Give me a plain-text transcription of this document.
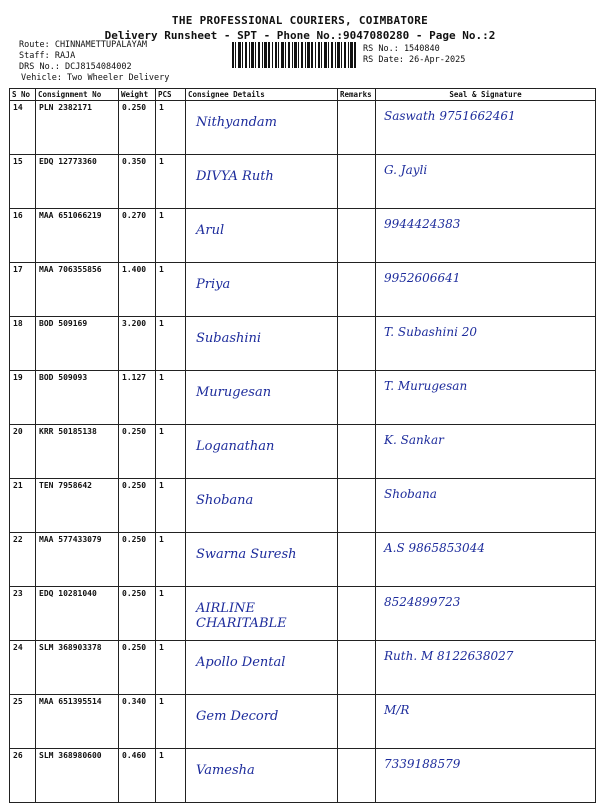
THE PROFESSIONAL COURIERS, COIMBATORE
Delivery Runsheet - SPT - Phone No.:9047080280 - Page No.:2
Route: CHINNAMETTUPALAYAM
Staff: RAJA
DRS No.: DCJ8154084002
Vehicle: Two Wheeler Delivery
RS No.: 1540840
RS Date: 26-Apr-2025
S No	Consignment No	Weight	PCS	Consignee Details	Remarks	Seal & Signature
14	PLN 2382171	0.250	1	Nithyandam		Saswath 9751662461
15	EDQ 12773360	0.350	1	DIVYA Ruth		G. Jayli
16	MAA 651066219	0.270	1	Arul		9944424383
17	MAA 706355856	1.400	1	Priya		9952606641
18	BOD 509169	3.200	1	Subashini		T. Subashini 20
19	BOD 509093	1.127	1	Murugesan		T. Murugesan
20	KRR 50185138	0.250	1	Loganathan		K. Sankar
21	TEN 7958642	0.250	1	Shobana		Shobana
22	MAA 577433079	0.250	1	Swarna Suresh		A.S 9865853044
23	EDQ 10281040	0.250	1	AIRLINE CHARITABLE		8524899723
24	SLM 368903378	0.250	1	Apollo Dental		Ruth. M 8122638027
25	MAA 651395514	0.340	1	Gem Decord		M/R
26	SLM 368980600	0.460	1	Vamesha		7339188579
